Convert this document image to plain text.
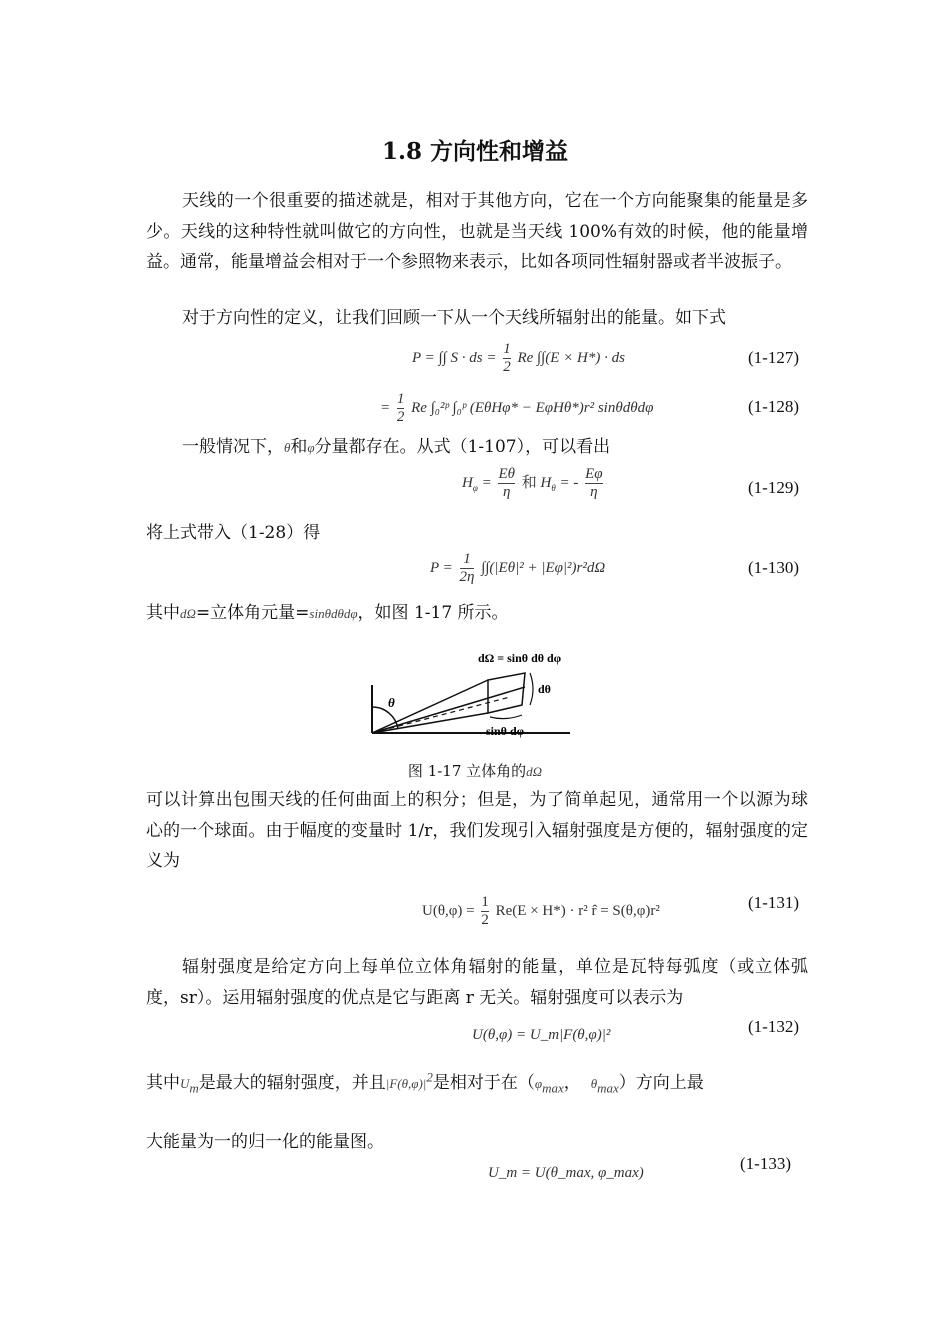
1.8 方向性和增益

天线的一个很重要的描述就是，相对于其他方向，它在一个方向能聚集的能量是多少。天线的这种特性就叫做它的方向性，也就是当天线 100%有效的时候，他的能量增益。通常，能量增益会相对于一个参照物来表示，比如各项同性辐射器或者半波振子。

对于方向性的定义，让我们回顾一下从一个天线所辐射出的能量。如下式

P = ∫∫ S · ds = $\frac{1}{2}$ Re ∫∫(E × H*) · ds	(1-127)
= $\frac{1}{2}$ Re ∫₀²ᵖ ∫₀ᵖ (EθHφ* − EφHθ*)r² sinθdθdφ	(1-128)
一般情况下，θ和φ分量都存在。从式（1-107），可以看出
$H_\varphi = \frac{E\theta}{\eta}$ 和 $H_\theta$ = - $\frac{E\varphi}{\eta}$	(1-129)
将上式带入（1-28）得
$P = \frac{1}{2\eta} \int\int(|E\theta|^2 + |E\varphi|^2)r^2d\Omega$	(1-130)
其中dΩ=立体角元量=sinθdθdφ，如图 1-17 所示。
dΩ = sinθ dθ dφ
dθ
sinθ dφ
θ
图 1-17 立体角的dΩ

可以计算出包围天线的任何曲面上的积分；但是，为了简单起见，通常用一个以源为球心的一个球面。由于幅度的变量时 1/r，我们发现引入辐射强度是方便的，辐射强度的定义为

$U(\theta,\varphi) = \frac{1}{2} Re(E \times H*) \cdot r^2$ r̂ = S(θ,φ)r²	(1-131)

辐射强度是给定方向上每单位立体角辐射的能量，单位是瓦特每弧度（或立体弧度，sr）。运用辐射强度的优点是它与距离 r 无关。辐射强度可以表示为

U(θ,φ) = U_m|F(θ,φ)|²	(1-132)
其中$U_m$是最大的辐射强度，并且$|F(\theta,\varphi)|^2$是相对于在（$\varphi_{max}$， $\theta_{max}$）方向上最
大能量为一的归一化的能量图。
U_m = U(θ_max, φ_max)	(1-133)
